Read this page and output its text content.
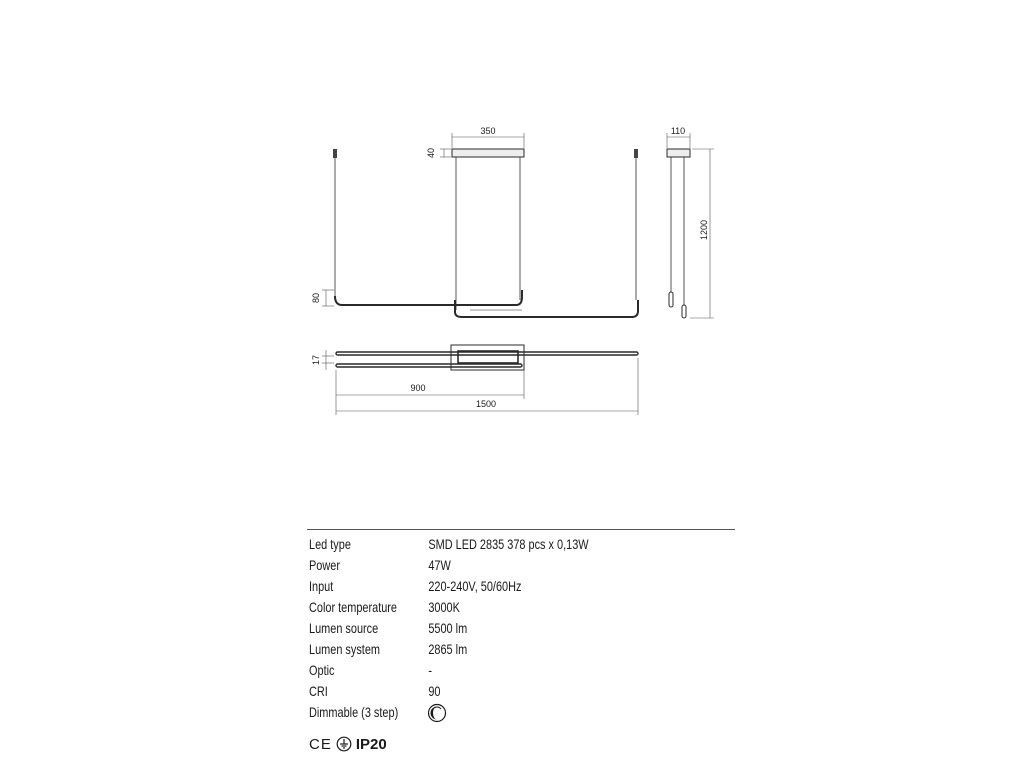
350
40
110
1200
80
17
900
1500
Led type	SMD LED 2835 378 pcs x 0,13W
Power	47W
Input	220-240V, 50/60Hz
Color temperature 3000K
Lumen source	5500 lm
Lumen system	2865 lm
Optic	-
CRI	90
Dimmable (3 step)
CE IP20
